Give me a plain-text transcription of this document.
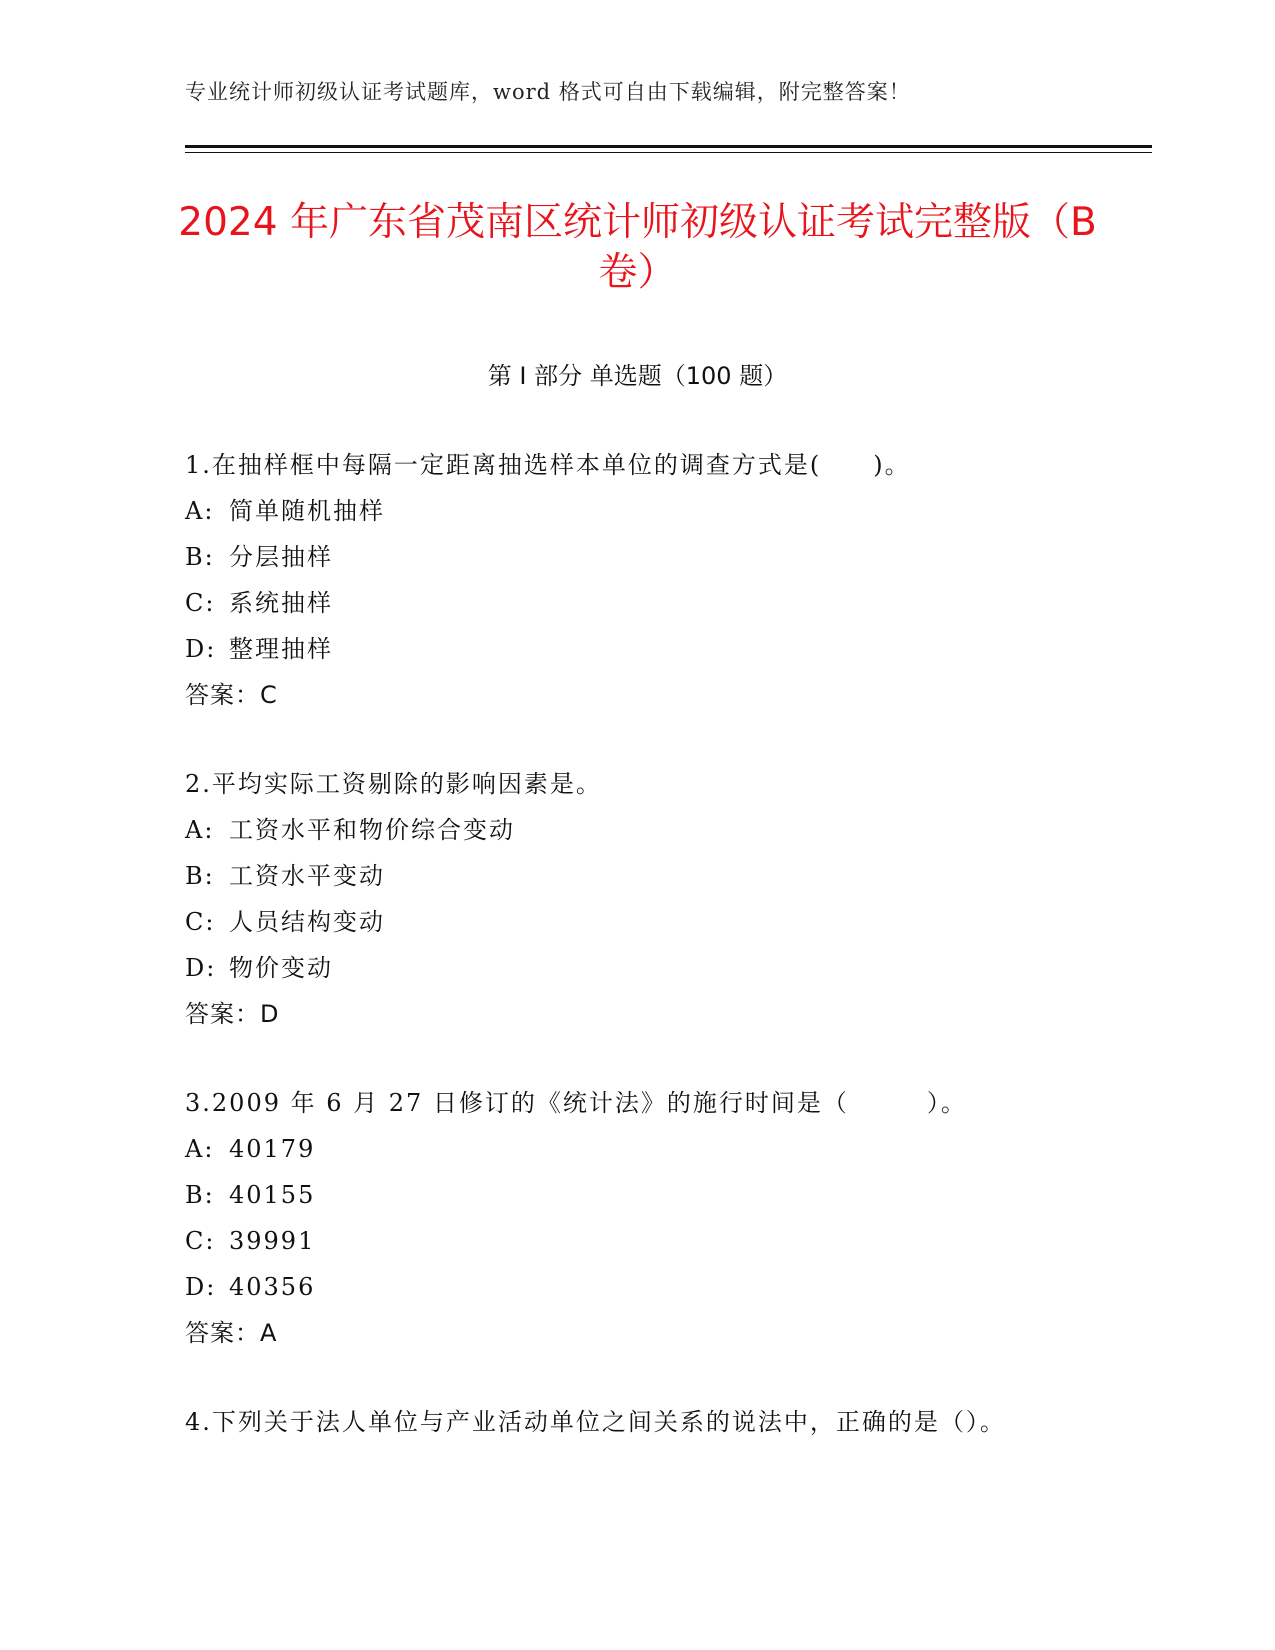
专业统计师初级认证考试题库，word 格式可自由下载编辑，附完整答案！
2024 年广东省茂南区统计师初级认证考试完整版（B 卷）
第 I 部分 单选题（100 题）
1.在抽样框中每隔一定距离抽选样本单位的调查方式是(　　)。
A: 简单随机抽样
B: 分层抽样
C: 系统抽样
D: 整理抽样
答案：C
2.平均实际工资剔除的影响因素是。
A: 工资水平和物价综合变动
B: 工资水平变动
C: 人员结构变动
D: 物价变动
答案：D
3.2009 年 6 月 27 日修订的《统计法》的施行时间是（　　　）。
A: 40179
B: 40155
C: 39991
D: 40356
答案：A
4.下列关于法人单位与产业活动单位之间关系的说法中，正确的是（）。
